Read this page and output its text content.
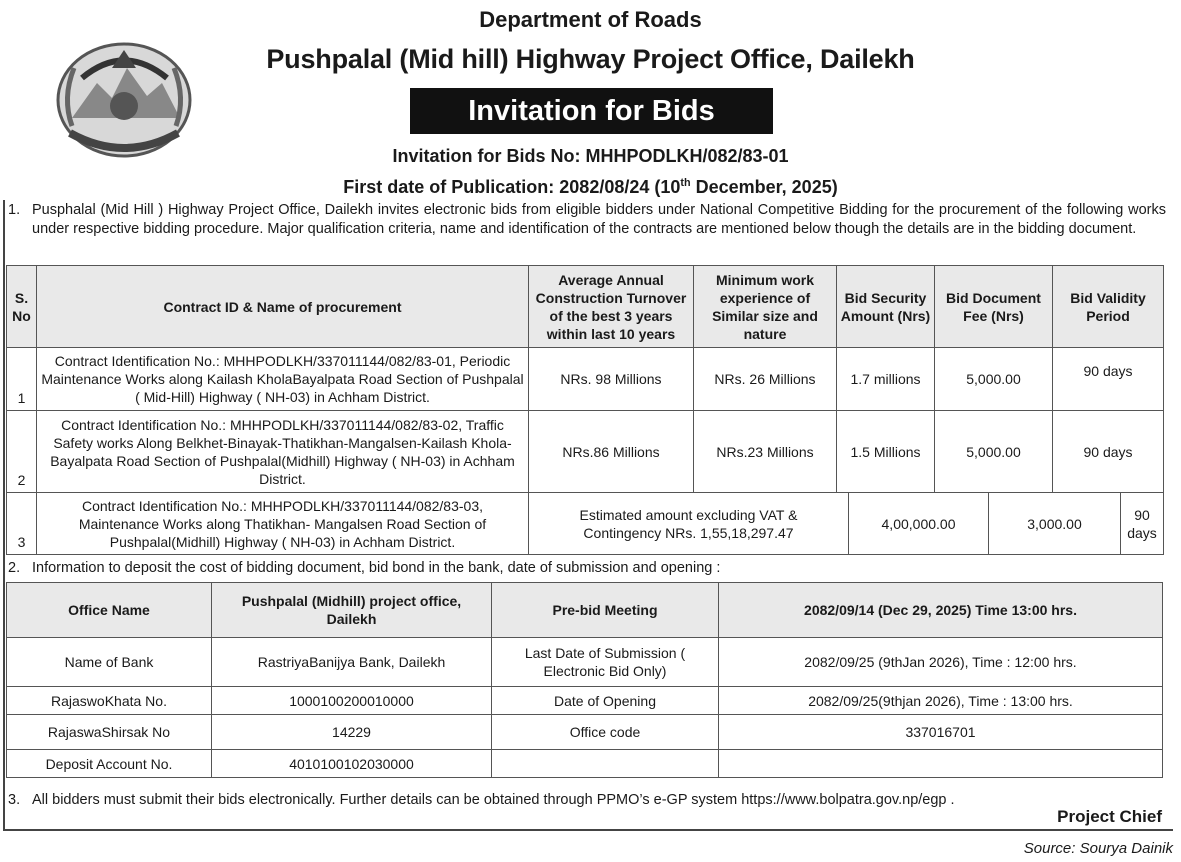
Department of Roads
Pushpalal (Mid hill) Highway Project Office, Dailekh
Invitation for Bids
Invitation for Bids No: MHHPODLKH/082/83-01
First date of Publication: 2082/08/24 (10th December, 2025)
1. Pusphalal (Mid Hill ) Highway Project Office, Dailekh invites electronic bids from eligible bidders under National Competitive Bidding for the procurement of the following works under respective bidding procedure. Major qualification criteria, name and identification of the contracts are mentioned below though the details are in the bidding document.
S. No	Contract ID & Name of procurement	Average Annual Construction Turnover of the best 3 years within last 10 years	Minimum work experience of Similar size and nature	Bid Security Amount (Nrs)		Bid Document Fee (Nrs)		Bid Validity Period	
1	Contract Identification No.: MHHPODLKH/337011144/082/83-01, Periodic Maintenance Works along Kailash KholaBayalpata Road Section of Pushpalal ( Mid-Hill) Highway ( NH-03) in Achham District.	NRs. 98 Millions	NRs. 26 Millions	1.7 millions		5,000.00		90 days	
2	Contract Identification No.: MHHPODLKH/337011144/082/83-02, Traffic Safety works Along Belkhet-Binayak-Thatikhan-Mangalsen-Kailash Khola-Bayalpata Road Section of Pushpalal(Midhill) Highway ( NH-03) in Achham District.	NRs.86 Millions	NRs.23 Millions	1.5 Millions		5,000.00		90 days	
3	Contract Identification No.: MHHPODLKH/337011144/082/83-03, Maintenance Works along Thatikhan- Mangalsen Road Section of Pushpalal(Midhill) Highway ( NH-03) in Achham District.	Estimated amount excluding VAT & Contingency NRs. 1,55,18,297.47			4,00,000.00		3,000.00		90 days
2. Information to deposit the cost of bidding document, bid bond in the bank, date of submission and opening :
Office Name	Pushpalal (Midhill) project office, Dailekh	Pre-bid Meeting	2082/09/14 (Dec 29, 2025) Time 13:00 hrs.
Name of Bank	RastriyaBanijya Bank, Dailekh	Last Date of Submission ( Electronic Bid Only)	2082/09/25 (9thJan 2026), Time : 12:00 hrs.
RajaswoKhata No.	1000100200010000	Date of Opening	2082/09/25(9thjan 2026), Time : 13:00 hrs.
RajaswaShirsak No	14229	Office code	337016701
Deposit Account No.	4010100102030000		
3. All bidders must submit their bids electronically. Further details can be obtained through PPMO’s e-GP system https://www.bolpatra.gov.np/egp .
Project Chief
Source: Sourya Dainik
